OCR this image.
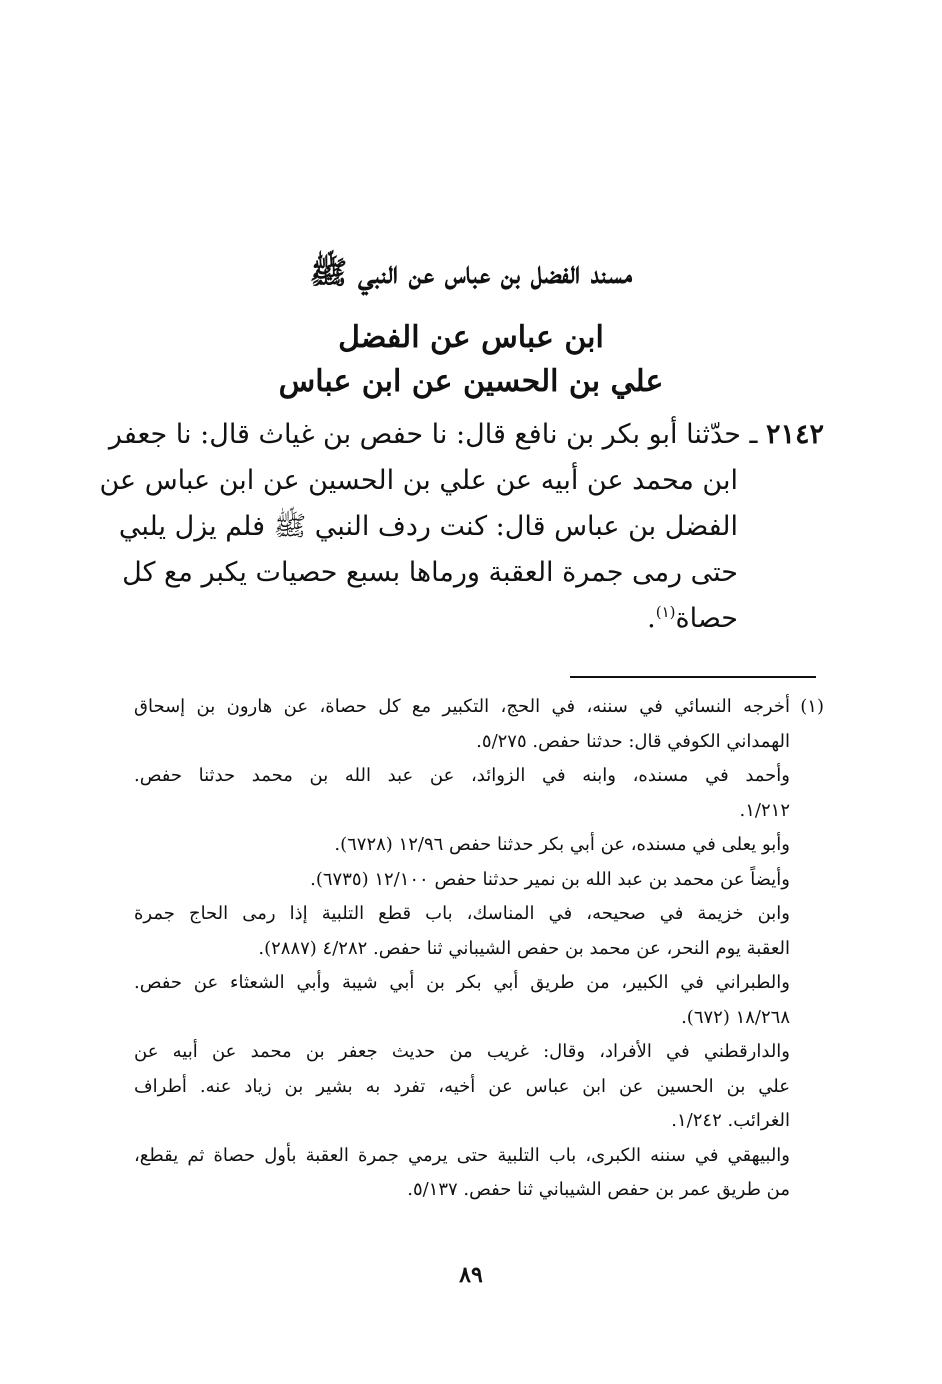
مسند الفضل بن عباس عن النبي ﷺ
ابن عباس عن الفضل
علي بن الحسين عن ابن عباس

٢١٤٢ ـ حدّثنا أبو بكر بن نافع قال: نا حفص بن غياث قال: نا جعفر

ابن محمد عن أبيه عن علي بن الحسين عن ابن عباس عن

الفضل بن عباس قال: كنت ردف النبي ﷺ فلم يزل يلبي

حتى رمى جمرة العقبة ورماها بسبع حصيات يكبر مع كل

حصاة$^{(١)}$.

(١)أخرجه النسائي في سننه، في الحج، التكبير مع كل حصاة، عن هارون بن إسحاق

الهمداني الكوفي قال: حدثنا حفص. ٥/٢٧٥.

وأحمد في مسنده، وابنه في الزوائد، عن عبد الله بن محمد حدثنا حفص.

١/٢١٢.

وأبو يعلى في مسنده، عن أبي بكر حدثنا حفص ١٢/٩٦ (٦٧٢٨).

وأيضاً عن محمد بن عبد الله بن نمير حدثنا حفص ١٢/١٠٠ (٦٧٣٥).

وابن خزيمة في صحيحه، في المناسك، باب قطع التلبية إذا رمى الحاج جمرة

العقبة يوم النحر، عن محمد بن حفص الشيباني ثنا حفص. ٤/٢٨٢ (٢٨٨٧).

والطبراني في الكبير، من طريق أبي بكر بن أبي شيبة وأبي الشعثاء عن حفص.

١٨/٢٦٨ (٦٧٢).

والدارقطني في الأفراد، وقال: غريب من حديث جعفر بن محمد عن أبيه عن

علي بن الحسين عن ابن عباس عن أخيه، تفرد به بشير بن زياد عنه. أطراف

الغرائب. ١/٢٤٢.

والبيهقي في سننه الكبرى، باب التلبية حتى يرمي جمرة العقبة بأول حصاة ثم يقطع،

من طريق عمر بن حفص الشيباني ثنا حفص. ٥/١٣٧.

٨٩
